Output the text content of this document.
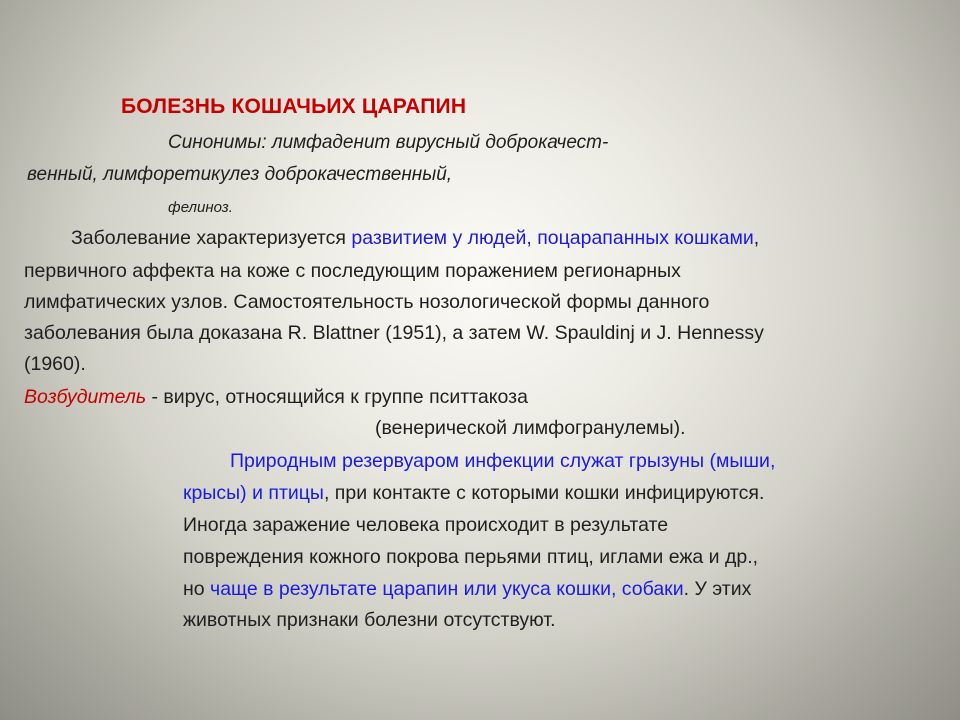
БОЛЕЗНЬ КОШАЧЬИХ ЦАРАПИН
Синонимы: лимфаденит вирусный доброкачест-
венный, лимфоретикулез доброкачественный,
фелиноз.
Заболевание характеризуется развитием у людей, поцарапанных кошками,
первичного аффекта на коже с последующим поражением регионарных
лимфатических узлов. Самостоятельность нозологической формы данного
заболевания была доказана R. Blattner (1951), а затем W. Spauldinj и J. Hennessy
(1960).
Возбудитель - вирус, относящийся к группе пситтакоза
(венерической лимфогранулемы).
Природным резервуаром инфекции служат грызуны (мыши,
крысы) и птицы, при контакте с которыми кошки инфицируются.
Иногда заражение человека происходит в результате
повреждения кожного покрова перьями птиц, иглами ежа и др.,
но чаще в результате царапин или укуса кошки, собаки. У этих
животных признаки болезни отсутствуют.
